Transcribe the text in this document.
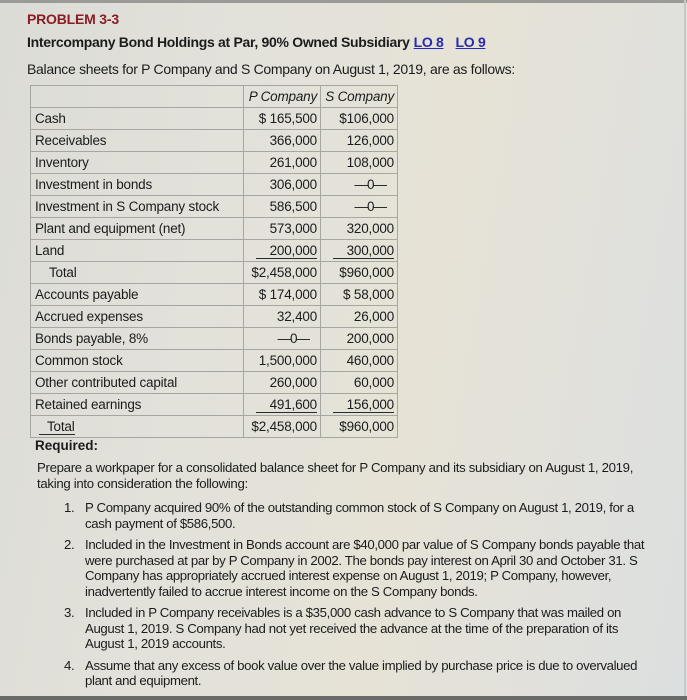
PROBLEM 3-3
Intercompany Bond Holdings at Par, 90% Owned Subsidiary LO 8 LO 9
Balance sheets for P Company and S Company on August 1, 2019, are as follows:
	P Company	S Company
Cash	$ 165,500	$106,000
Receivables	366,000	126,000
Inventory	261,000	108,000
Investment in bonds	306,000	—0—
Investment in S Company stock	586,500	—0—
Plant and equipment (net)	573,000	320,000
Land	200,000	300,000
Total	$2,458,000	$960,000
Accounts payable	$ 174,000	$ 58,000
Accrued expenses	32,400	26,000
Bonds payable, 8%	—0—	200,000
Common stock	1,500,000	460,000
Other contributed capital	260,000	60,000
Retained earnings	491,600	156,000
Total	$2,458,000	$960,000
Required:
Prepare a workpaper for a consolidated balance sheet for P Company and its subsidiary on August 1, 2019, taking into consideration the following:
1. P Company acquired 90% of the outstanding common stock of S Company on August 1, 2019, for a cash payment of $586,500.
2. Included in the Investment in Bonds account are $40,000 par value of S Company bonds payable that were purchased at par by P Company in 2002. The bonds pay interest on April 30 and October 31. S Company has appropriately accrued interest expense on August 1, 2019; P Company, however, inadvertently failed to accrue interest income on the S Company bonds.
3. Included in P Company receivables is a $35,000 cash advance to S Company that was mailed on August 1, 2019. S Company had not yet received the advance at the time of the preparation of its August 1, 2019 accounts.
4. Assume that any excess of book value over the value implied by purchase price is due to overvalued plant and equipment.
